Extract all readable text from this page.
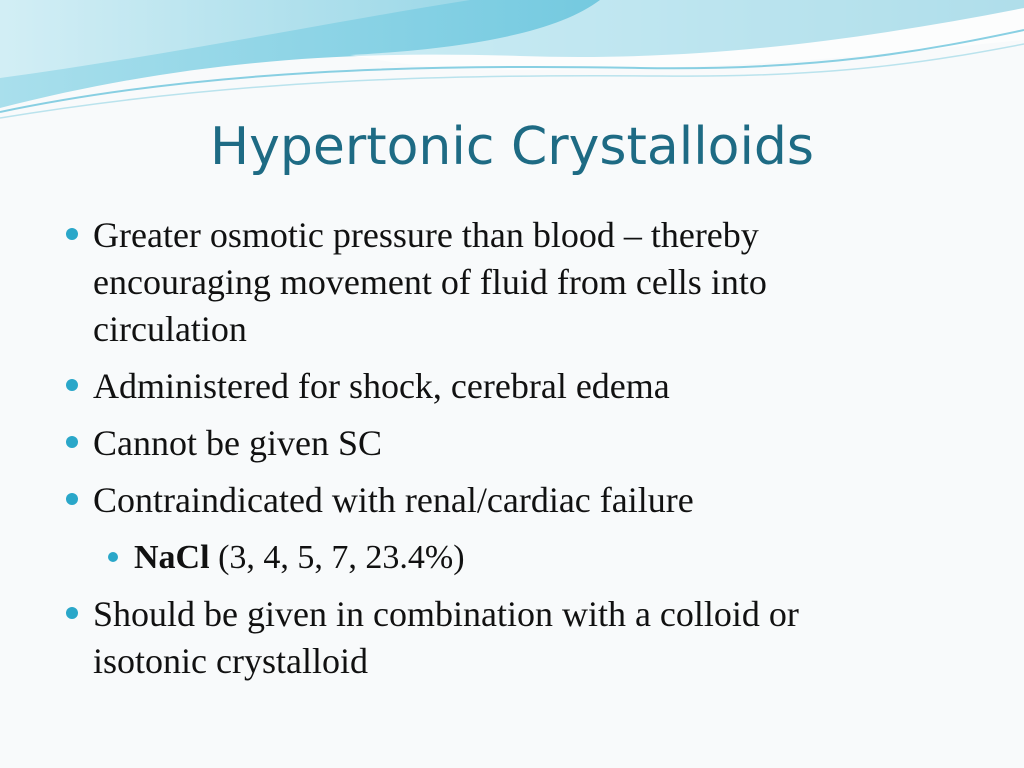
Hypertonic Crystalloids
Greater osmotic pressure than blood – thereby encouraging movement of fluid from cells into circulation
Administered for shock, cerebral edema
Cannot be given SC
Contraindicated with renal/cardiac failure
NaCl (3, 4, 5, 7, 23.4%)
Should be given in combination with a colloid or isotonic crystalloid
